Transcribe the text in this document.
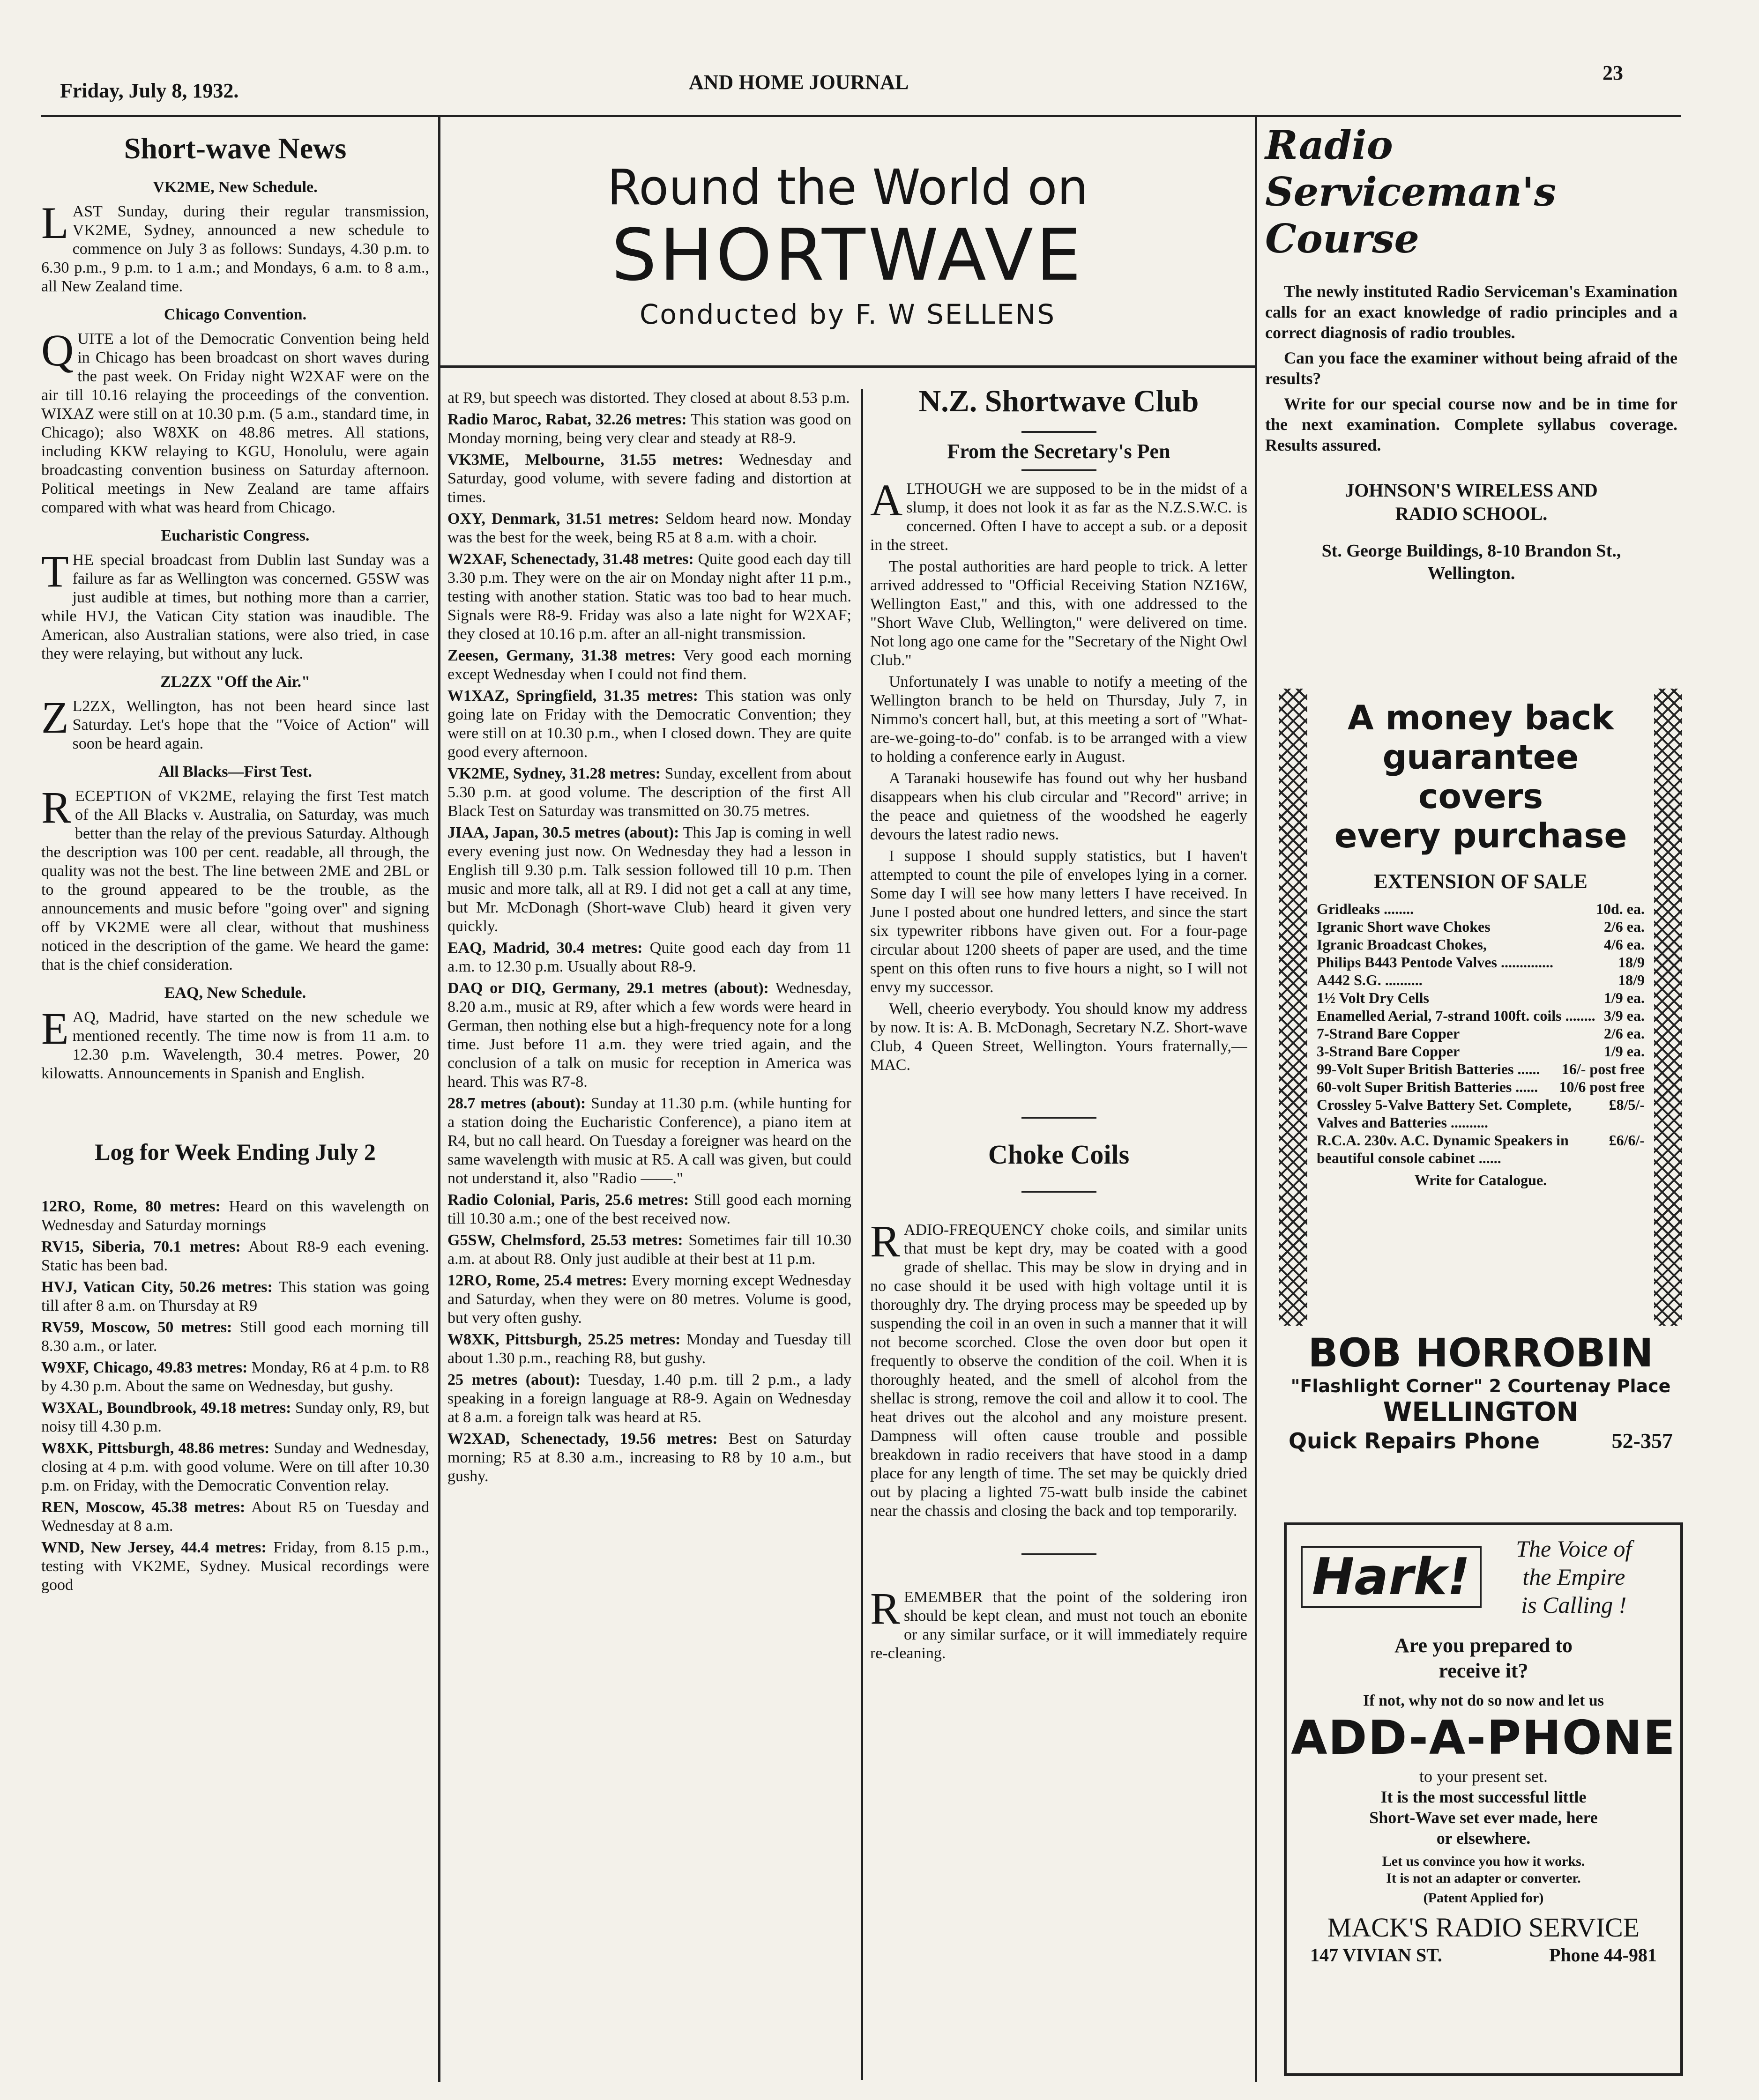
Friday, July 8, 1932.	AND HOME JOURNAL	23
Round the World on
SHORTWAVE
Conducted by F. W SELLENS
Short-wave News
VK2ME, New Schedule.

LAST Sunday, during their regular transmission, VK2ME, Sydney, announced a new schedule to commence on July 3 as follows: Sundays, 4.30 p.m. to 6.30 p.m., 9 p.m. to 1 a.m.; and Mondays, 6 a.m. to 8 a.m., all New Zealand time.

Chicago Convention.

QUITE a lot of the Democratic Convention being held in Chicago has been broadcast on short waves during the past week. On Friday night W2XAF were on the air till 10.16 relaying the proceedings of the convention. WIXAZ were still on at 10.30 p.m. (5 a.m., standard time, in Chicago); also W8XK on 48.86 metres. All stations, including KKW relaying to KGU, Honolulu, were again broadcasting convention business on Saturday afternoon. Political meetings in New Zealand are tame affairs compared with what was heard from Chicago.

Eucharistic Congress.

THE special broadcast from Dublin last Sunday was a failure as far as Wellington was concerned. G5SW was just audible at times, but nothing more than a carrier, while HVJ, the Vatican City station was inaudible. The American, also Australian stations, were also tried, in case they were relaying, but without any luck.

ZL2ZX "Off the Air."

Z L2ZX, Wellington, has not been heard since last Saturday. Let's hope that the "Voice of Action" will soon be heard again.

All Blacks—First Test.

RECEPTION of VK2ME, relaying the first Test match of the All Blacks v. Australia, on Saturday, was much better than the relay of the previous Saturday. Although the description was 100 per cent. readable, all through, the quality was not the best. The line between 2ME and 2BL or to the ground appeared to be the trouble, as the announcements and music before "going over" and signing off by VK2ME were all clear, without that mushiness noticed in the description of the game. We heard the game: that is the chief consideration.

EAQ, New Schedule.

EAQ, Madrid, have started on the new schedule we mentioned recently. The time now is from 11 a.m. to 12.30 p.m. Wavelength, 30.4 metres. Power, 20 kilowatts. Announcements in Spanish and English.

Log for Week Ending July 2

12RO, Rome, 80 metres: Heard on this wavelength on Wednesday and Saturday mornings

RV15, Siberia, 70.1 metres: About R8-9 each evening. Static has been bad.

HVJ, Vatican City, 50.26 metres: This station was going till after 8 a.m. on Thursday at R9

RV59, Moscow, 50 metres: Still good each morning till 8.30 a.m., or later.

W9XF, Chicago, 49.83 metres: Monday, R6 at 4 p.m. to R8 by 4.30 p.m. About the same on Wednesday, but gushy.

W3XAL, Boundbrook, 49.18 metres: Sunday only, R9, but noisy till 4.30 p.m.

W8XK, Pittsburgh, 48.86 metres: Sunday and Wednesday, closing at 4 p.m. with good volume. Were on till after 10.30 p.m. on Friday, with the Democratic Convention relay.

REN, Moscow, 45.38 metres: About R5 on Tuesday and Wednesday at 8 a.m.

WND, New Jersey, 44.4 metres: Friday, from 8.15 p.m., testing with VK2ME, Sydney. Musical recordings were good

at R9, but speech was distorted. They closed at about 8.53 p.m.

Radio Maroc, Rabat, 32.26 metres: This station was good on Monday morning, being very clear and steady at R8-9.

VK3ME, Melbourne, 31.55 metres: Wednesday and Saturday, good volume, with severe fading and distortion at times.

OXY, Denmark, 31.51 metres: Seldom heard now. Monday was the best for the week, being R5 at 8 a.m. with a choir.

W2XAF, Schenectady, 31.48 metres: Quite good each day till 3.30 p.m. They were on the air on Monday night after 11 p.m., testing with another station. Static was too bad to hear much. Signals were R8-9. Friday was also a late night for W2XAF; they closed at 10.16 p.m. after an all-night transmission.

Zeesen, Germany, 31.38 metres: Very good each morning except Wednesday when I could not find them.

W1XAZ, Springfield, 31.35 metres: This station was only going late on Friday with the Democratic Convention; they were still on at 10.30 p.m., when I closed down. They are quite good every afternoon.

VK2ME, Sydney, 31.28 metres: Sunday, excellent from about 5.30 p.m. at good volume. The description of the first All Black Test on Saturday was transmitted on 30.75 metres.

JIAA, Japan, 30.5 metres (about): This Jap is coming in well every evening just now. On Wednesday they had a lesson in English till 9.30 p.m. Talk session followed till 10 p.m. Then music and more talk, all at R9. I did not get a call at any time, but Mr. McDonagh (Short-wave Club) heard it given very quickly.

EAQ, Madrid, 30.4 metres: Quite good each day from 11 a.m. to 12.30 p.m. Usually about R8-9.

DAQ or DIQ, Germany, 29.1 metres (about): Wednesday, 8.20 a.m., music at R9, after which a few words were heard in German, then nothing else but a high-frequency note for a long time. Just before 11 a.m. they were tried again, and the conclusion of a talk on music for reception in America was heard. This was R7-8.

28.7 metres (about): Sunday at 11.30 p.m. (while hunting for a station doing the Eucharistic Conference), a piano item at R4, but no call heard. On Tuesday a foreigner was heard on the same wavelength with music at R5. A call was given, but could not understand it, also "Radio ——."

Radio Colonial, Paris, 25.6 metres: Still good each morning till 10.30 a.m.; one of the best received now.

G5SW, Chelmsford, 25.53 metres: Sometimes fair till 10.30 a.m. at about R8. Only just audible at their best at 11 p.m.

12RO, Rome, 25.4 metres: Every morning except Wednesday and Saturday, when they were on 80 metres. Volume is good, but very often gushy.

W8XK, Pittsburgh, 25.25 metres: Monday and Tuesday till about 1.30 p.m., reaching R8, but gushy.

25 metres (about): Tuesday, 1.40 p.m. till 2 p.m., a lady speaking in a foreign language at R8-9. Again on Wednesday at 8 a.m. a foreign talk was heard at R5.

W2XAD, Schenectady, 19.56 metres: Best on Saturday morning; R5 at 8.30 a.m., increasing to R8 by 10 a.m., but gushy.

N.Z. Shortwave Club
From the Secretary's Pen

ALTHOUGH we are supposed to be in the midst of a slump, it does not look it as far as the N.Z.S.W.C. is concerned. Often I have to accept a sub. or a deposit in the street.

The postal authorities are hard people to trick. A letter arrived addressed to "Official Receiving Station NZ16W, Wellington East," and this, with one addressed to the "Short Wave Club, Wellington," were delivered on time. Not long ago one came for the "Secretary of the Night Owl Club."

Unfortunately I was unable to notify a meeting of the Wellington branch to be held on Thursday, July 7, in Nimmo's concert hall, but, at this meeting a sort of "What-are-we-going-to-do" confab. is to be arranged with a view to holding a conference early in August.

A Taranaki housewife has found out why her husband disappears when his club circular and "Record" arrive; in the peace and quietness of the woodshed he eagerly devours the latest radio news.

I suppose I should supply statistics, but I haven't attempted to count the pile of envelopes lying in a corner. Some day I will see how many letters I have received. In June I posted about one hundred letters, and since the start six typewriter ribbons have given out. For a four-page circular about 1200 sheets of paper are used, and the time spent on this often runs to five hours a night, so I will not envy my successor.

Well, cheerio everybody. You should know my address by now. It is: A. B. McDonagh, Secretary N.Z. Short-wave Club, 4 Queen Street, Wellington. Yours fraternally,—MAC.

Choke Coils

RADIO-FREQUENCY choke coils, and similar units that must be kept dry, may be coated with a good grade of shellac. This may be slow in drying and in no case should it be used with high voltage until it is thoroughly dry. The drying process may be speeded up by suspending the coil in an oven in such a manner that it will not become scorched. Close the oven door but open it frequently to observe the condition of the coil. When it is thoroughly heated, and the smell of alcohol from the shellac is strong, remove the coil and allow it to cool. The heat drives out the alcohol and any moisture present. Dampness will often cause trouble and possible breakdown in radio receivers that have stood in a damp place for any length of time. The set may be quickly dried out by placing a lighted 75-watt bulb inside the cabinet near the chassis and closing the back and top temporarily.

REMEMBER that the point of the soldering iron should be kept clean, and must not touch an ebonite or any similar surface, or it will immediately require re-cleaning.

Radio
Serviceman's
Course

The newly instituted Radio Serviceman's Examination calls for an exact knowledge of radio principles and a correct diagnosis of radio troubles.

Can you face the examiner without being afraid of the results?

Write for our special course now and be in time for the next examination. Complete syllabus coverage. Results assured.

JOHNSON'S WIRELESS AND
RADIO SCHOOL.
St. George Buildings, 8-10 Brandon St.,
Wellington.
A money back
guarantee covers
every purchase
EXTENSION OF SALE
Gridleaks ........	10d. ea.
Igranic Short wave Chokes	2/6 ea.
Igranic Broadcast Chokes,	4/6 ea.
Philips B443 Pentode Valves ..............	18/9
A442 S.G. ..........	18/9
1½ Volt Dry Cells	1/9 ea.
Enamelled Aerial, 7-strand 100ft. coils ........ 3/9 ea.
7-Strand Bare Copper	2/6 ea.
3-Strand Bare Copper	1/9 ea.
99-Volt Super British Batteries ...... 16/- post free
60-volt Super British Batteries ...... 10/6 post free
Crossley 5-Valve Battery Set. Complete, Valves and Batteries ..........
£8/5/-
R.C.A. 230v. A.C. Dynamic Speakers in beautiful console cabinet ......
£6/6/-
Write for Catalogue.
BOB HORROBIN
"Flashlight Corner" 2 Courtenay Place
WELLINGTON
Quick Repairs Phone	52-357
Hark!	The Voice of
the Empire
is Calling !
Are you prepared to
receive it?
If not, why not do so now and let us
ADD-A-PHONE
to your present set.
It is the most successful little
Short-Wave set ever made, here
or elsewhere.
Let us convince you how it works.
It is not an adapter or converter.
(Patent Applied for)
MACK'S RADIO SERVICE
147 VIVIAN ST.	Phone 44-981
